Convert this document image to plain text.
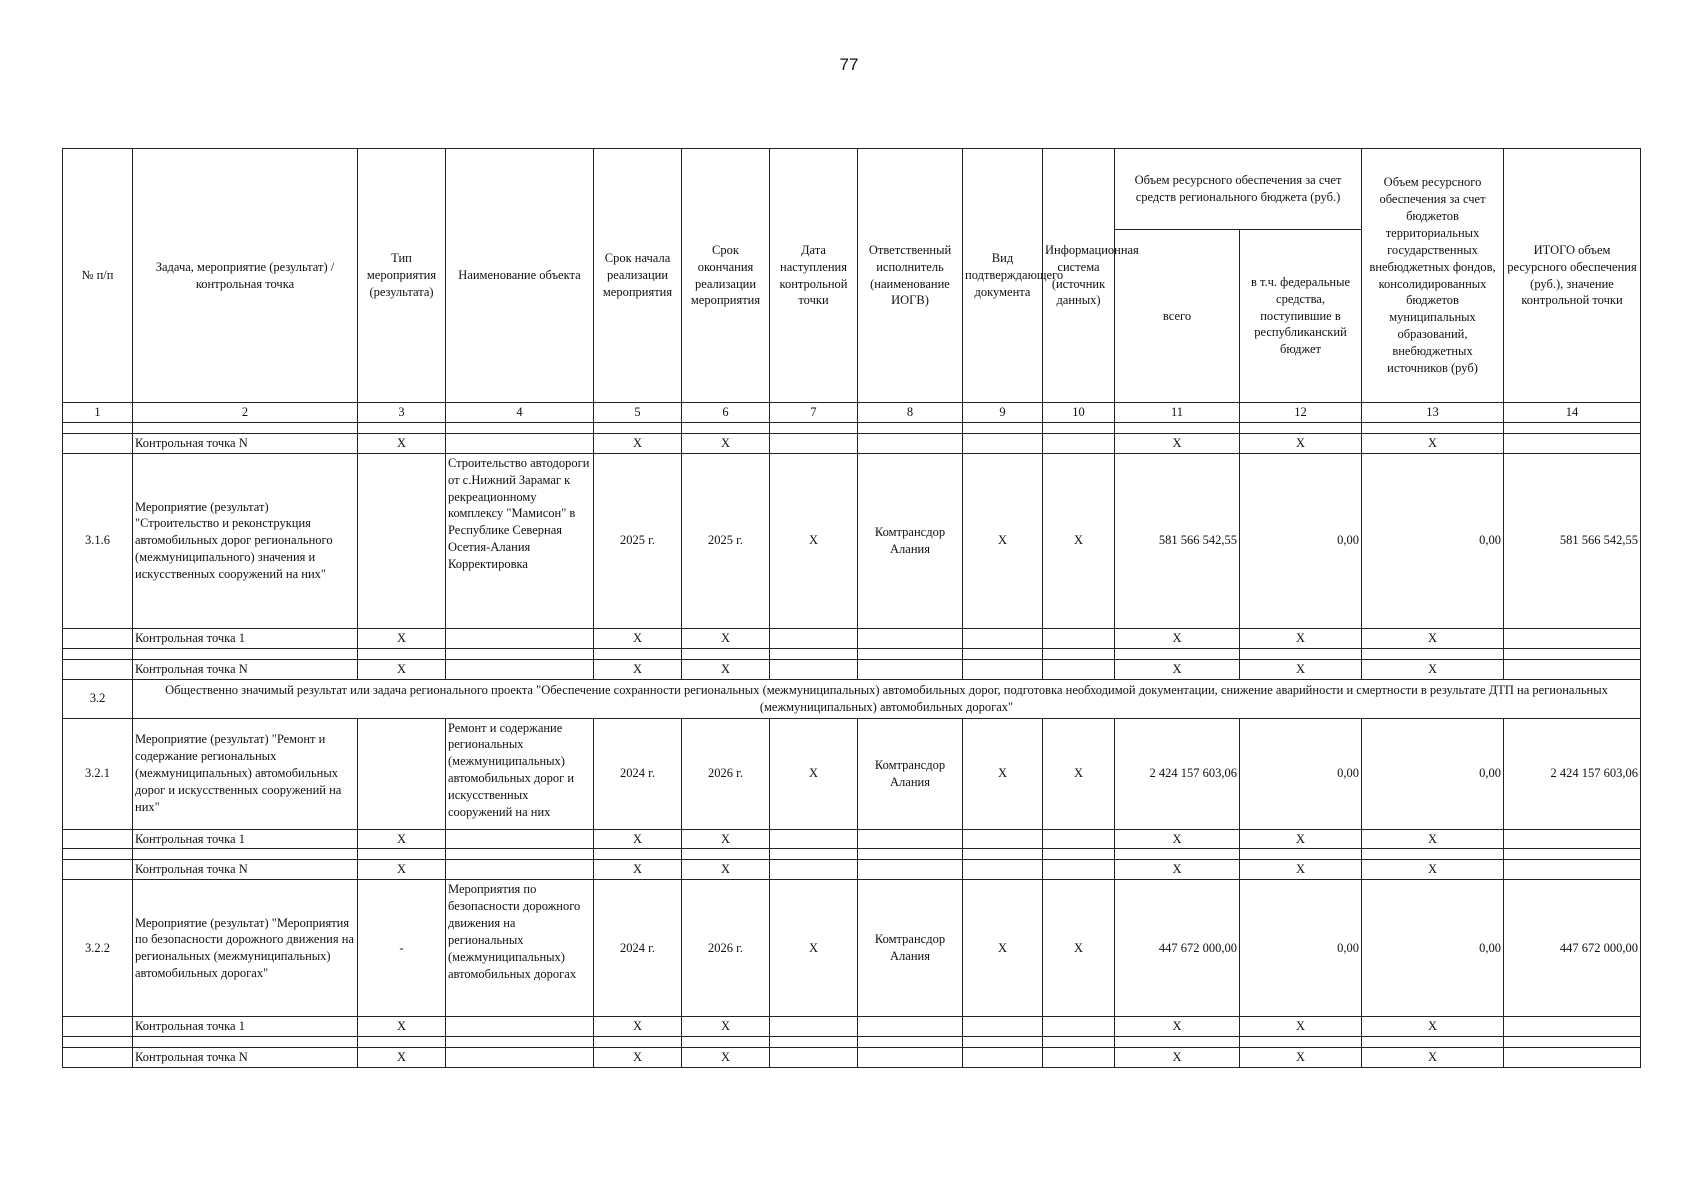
77
№ п/п	Задача, мероприятие (результат) / контрольная точка	Тип мероприятия (результата)	Наименование объекта	Срок начала реализации мероприятия	Срок окончания реализации мероприятия	Дата наступления контрольной точки	Ответственный исполнитель (наименование ИОГВ)	Вид подтверждающего документа	Информационная система (источник данных)	Объем ресурсного обеспечения за счет средств регионального бюджета (руб.)		Объем ресурсного обеспечения за счет бюджетов территориальных государственных внебюджетных фондов, консолидированных бюджетов муниципальных образований, внебюджетных источников (руб)	ИТОГО объем ресурсного обеспечения (руб.), значение контрольной точки
										всего	в т.ч. федеральные средства, поступившие в республиканский бюджет		
1	2	3	4	5	6	7	8	9	10	11	12	13	14

	Контрольная точка N	X		X	X					X	X	X	
3.1.6	Мероприятие (результат) "Строительство и реконструкция автомобильных дорог регионального (межмуниципального) значения и искусственных сооружений на них"		Строительство автодороги от с.Нижний Зарамаг к рекреационному комплексу "Мамисон" в Республике Северная Осетия-Алания Корректировка	2025 г.	2025 г.	X	Комтрансдор Алания	X	X	581 566 542,55	0,00	0,00	581 566 542,55
	Контрольная точка 1	X		X	X					X	X	X	

	Контрольная точка N	X		X	X					X	X	X	
3.2	Общественно значимый результат или задача регионального проекта "Обеспечение сохранности региональных (межмуниципальных) автомобильных дорог, подготовка необходимой документации, снижение аварийности и смертности в результате ДТП на региональных (межмуниципальных) автомобильных дорогах"												
3.2.1	Мероприятие (результат) "Ремонт и содержание региональных (межмуниципальных) автомобильных дорог и искусственных сооружений на них"		Ремонт и содержание региональных (межмуниципальных) автомобильных дорог и искусственных сооружений на них	2024 г.	2026 г.	X	Комтрансдор Алания	X	X	2 424 157 603,06	0,00	0,00	2 424 157 603,06
	Контрольная точка 1	X		X	X					X	X	X	

	Контрольная точка N	X		X	X					X	X	X	
3.2.2	Мероприятие (результат) "Мероприятия по безопасности дорожного движения на региональных (межмуниципальных) автомобильных дорогах"	-	Мероприятия по безопасности дорожного движения на региональных (межмуниципальных) автомобильных дорогах	2024 г.	2026 г.	X	Комтрансдор Алания	X	X	447 672 000,00	0,00	0,00	447 672 000,00
	Контрольная точка 1	X		X	X					X	X	X	

	Контрольная точка N	X		X	X					X	X	X	
